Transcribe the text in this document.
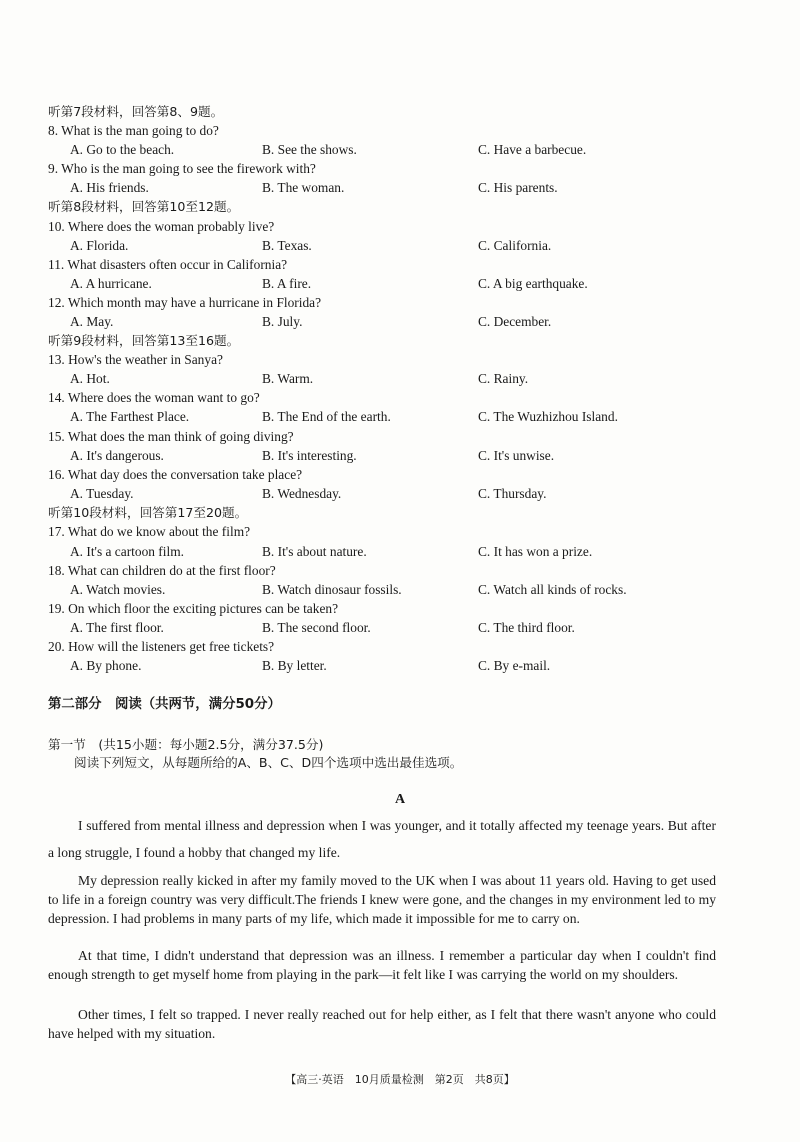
听第7段材料，回答第8、9题。
8. What is the man going to do?
A. Go to the beach.	B. See the shows.	C. Have a barbecue.
9. Who is the man going to see the firework with?
A. His friends.	B. The woman.	C. His parents.
听第8段材料，回答第10至12题。
10. Where does the woman probably live?
A. Florida.	B. Texas.	C. California.
11. What disasters often occur in California?
A. A hurricane.	B. A fire.	C. A big earthquake.
12. Which month may have a hurricane in Florida?
A. May.	B. July.	C. December.
听第9段材料，回答第13至16题。
13. How's the weather in Sanya?
A. Hot.	B. Warm.	C. Rainy.
14. Where does the woman want to go?
A. The Farthest Place.	B. The End of the earth.	C. The Wuzhizhou Island.
15. What does the man think of going diving?
A. It's dangerous.	B. It's interesting.	C. It's unwise.
16. What day does the conversation take place?
A. Tuesday.	B. Wednesday.	C. Thursday.
听第10段材料，回答第17至20题。
17. What do we know about the film?
A. It's a cartoon film.	B. It's about nature.	C. It has won a prize.
18. What can children do at the first floor?
A. Watch movies.	B. Watch dinosaur fossils.	C. Watch all kinds of rocks.
19. On which floor the exciting pictures can be taken?
A. The first floor.	B. The second floor.	C. The third floor.
20. How will the listeners get free tickets?
A. By phone.	B. By letter.	C. By e-mail.
第二部分　阅读（共两节，满分50分）
第一节　(共15小题：每小题2.5分，满分37.5分)
阅读下列短文，从每题所给的A、B、C、D四个选项中选出最佳选项。
A
I suffered from mental illness and depression when I was younger, and it totally affected my teenage years. But after a long struggle, I found a hobby that changed my life.
My depression really kicked in after my family moved to the UK when I was about 11 years old. Having to get used to life in a foreign country was very difficult.The friends I knew were gone, and the changes in my environment led to my depression. I had problems in many parts of my life, which made it impossible for me to carry on.
At that time, I didn't understand that depression was an illness. I remember a particular day when I couldn't find enough strength to get myself home from playing in the park—it felt like I was carrying the world on my shoulders.
Other times, I felt so trapped. I never really reached out for help either, as I felt that there wasn't anyone who could have helped with my situation.
【高三·英语　10月质量检测　第2页　共8页】
